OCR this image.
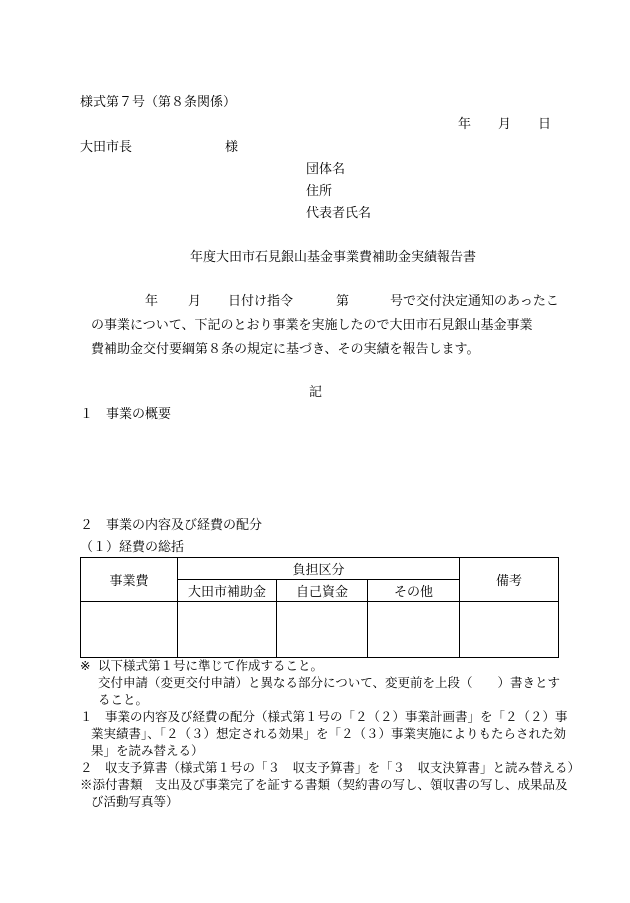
様式第７号（第８条関係）
年 月 日
大田市長	様
団体名
住所
代表者氏名
年度大田市石見銀山基金事業費補助金実績報告書
年 月 日付け指令	第	号で交付決定通知のあったこ
の事業について、下記のとおり事業を実施したので大田市石見銀山基金事業
費補助金交付要綱第８条の規定に基づき、その実績を報告します。
記
１　事業の概要
２　事業の内容及び経費の配分
（１）経費の総括
事業費	負担区分			備考
	大田市補助金	自己資金	その他	

※ 以下様式第１号に準じて作成すること。
交付申請（変更交付申請）と異なる部分について、変更前を上段（　　）書きとす
ること。
１　事業の内容及び経費の配分（様式第１号の「２（２）事業計画書」を「２（２）事
業実績書」、「２（３）想定される効果」を「２（３）事業実施によりもたらされた効
果」を読み替える）
２　収支予算書（様式第１号の「３　収支予算書」を「３　収支決算書」と読み替える）
※添付書類　支出及び事業完了を証する書類（契約書の写し、領収書の写し、成果品及
び活動写真等）
